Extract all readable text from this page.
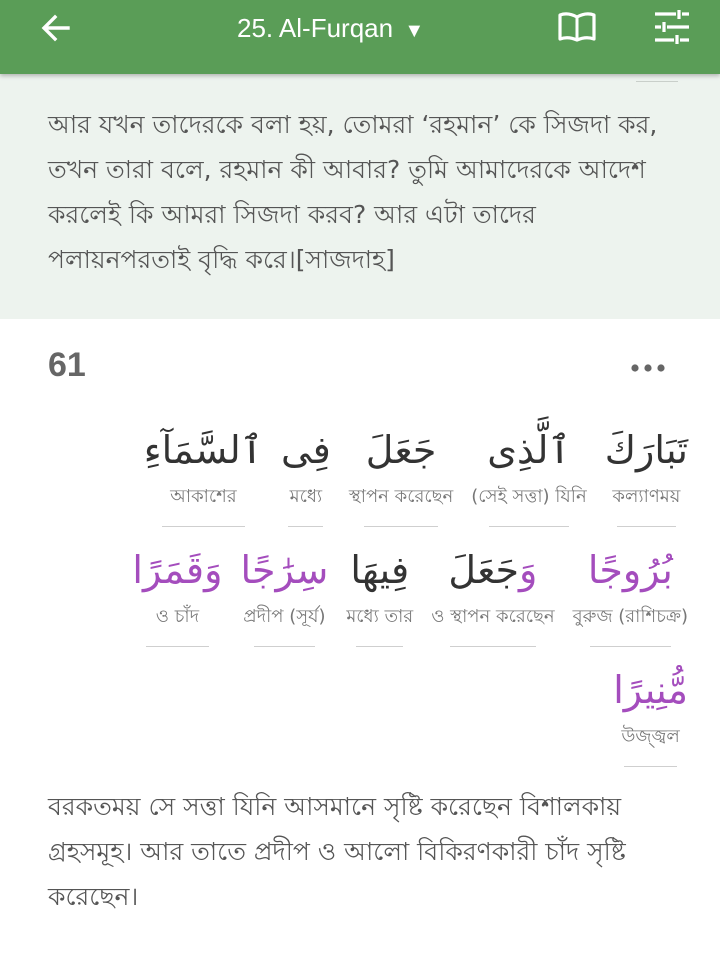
25. Al-Furqan ▼
আর যখন তাদেরকে বলা হয়, তোমরা ‘রহমান’ কে সিজদা কর, তখন তারা বলে, রহমান কী আবার? তুমি আমাদেরকে আদেশ করলেই কি আমরা সিজদা করব? আর এটা তাদের পলায়নপরতাই বৃদ্ধি করে।[সাজদাহ]
61
تَبَارَكَ
কল্যাণময়
ٱلَّذِى
(সেই সত্তা) যিনি
جَعَلَ
স্থাপন করেছেন
فِى
মধ্যে
ٱلسَّمَآءِ
আকাশের
بُرُوجًا
বুরুজ (রাশিচক্র)
وَجَعَلَ
ও স্থাপন করেছেন
فِيهَا
মধ্যে তার
سِرَٰجًا
প্রদীপ (সূর্য)
وَقَمَرًا
ও চাঁদ
مُّنِيرًا
উজ্জ্বল
বরকতময় সে সত্তা যিনি আসমানে সৃষ্টি করেছেন বিশালকায় গ্রহসমূহ। আর তাতে প্রদীপ ও আলো বিকিরণকারী চাঁদ সৃষ্টি করেছেন।
